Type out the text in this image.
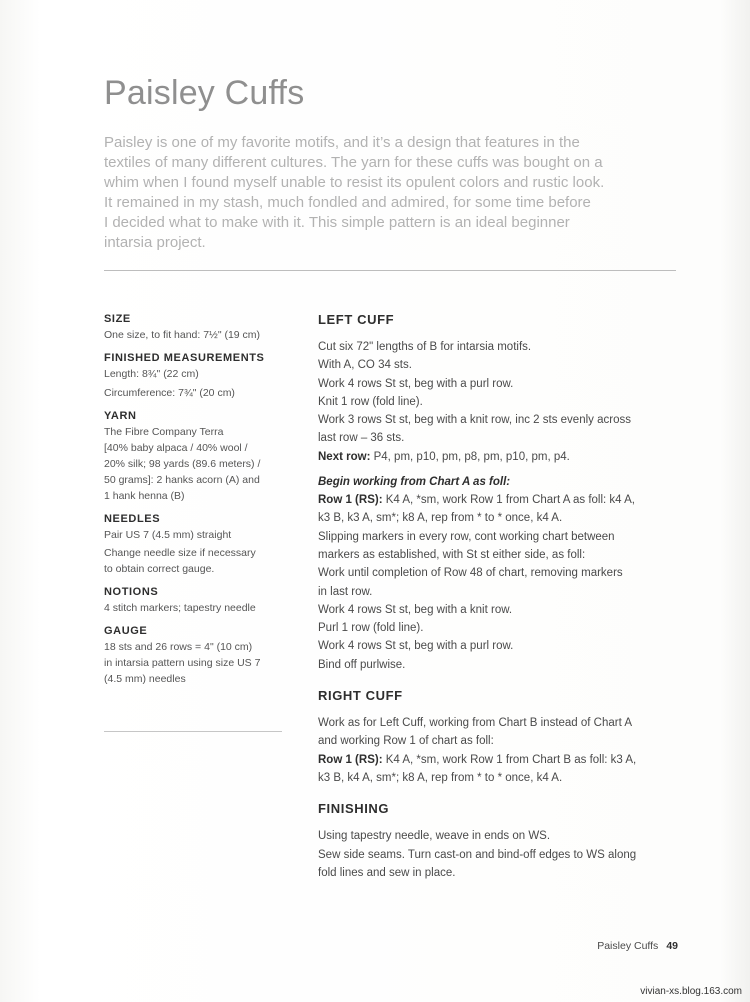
Paisley Cuffs

Paisley is one of my favorite motifs, and it’s a design that features in the
textiles of many different cultures. The yarn for these cuffs was bought on a
whim when I found myself unable to resist its opulent colors and rustic look.
It remained in my stash, much fondled and admired, for some time before
I decided what to make with it. This simple pattern is an ideal beginner
intarsia project.

SIZE

One size, to fit hand: 7½" (19 cm)

FINISHED MEASUREMENTS

Length: 8¾" (22 cm)

Circumference: 7¾" (20 cm)

YARN

The Fibre Company Terra

[40% baby alpaca / 40% wool /

20% silk; 98 yards (89.6 meters) /

50 grams]: 2 hanks acorn (A) and

1 hank henna (B)

NEEDLES

Pair US 7 (4.5 mm) straight

Change needle size if necessary

to obtain correct gauge.

NOTIONS

4 stitch markers; tapestry needle

GAUGE

18 sts and 26 rows = 4" (10 cm)

in intarsia pattern using size US 7

(4.5 mm) needles

LEFT CUFF

Cut six 72" lengths of B for intarsia motifs.

With A, CO 34 sts.

Work 4 rows St st, beg with a purl row.

Knit 1 row (fold line).

Work 3 rows St st, beg with a knit row, inc 2 sts evenly across

last row – 36 sts.

Next row: P4, pm, p10, pm, p8, pm, p10, pm, p4.

Begin working from Chart A as foll:

Row 1 (RS): K4 A, *sm, work Row 1 from Chart A as foll: k4 A,

k3 B, k3 A, sm*; k8 A, rep from * to * once, k4 A.

Slipping markers in every row, cont working chart between

markers as established, with St st either side, as foll:

Work until completion of Row 48 of chart, removing markers

in last row.

Work 4 rows St st, beg with a knit row.

Purl 1 row (fold line).

Work 4 rows St st, beg with a purl row.

Bind off purlwise.

RIGHT CUFF

Work as for Left Cuff, working from Chart B instead of Chart A

and working Row 1 of chart as foll:

Row 1 (RS): K4 A, *sm, work Row 1 from Chart B as foll: k3 A,

k3 B, k4 A, sm*; k8 A, rep from * to * once, k4 A.

FINISHING

Using tapestry needle, weave in ends on WS.

Sew side seams. Turn cast-on and bind-off edges to WS along

fold lines and sew in place.

Paisley Cuffs 49
vivian-xs.blog.163.com
